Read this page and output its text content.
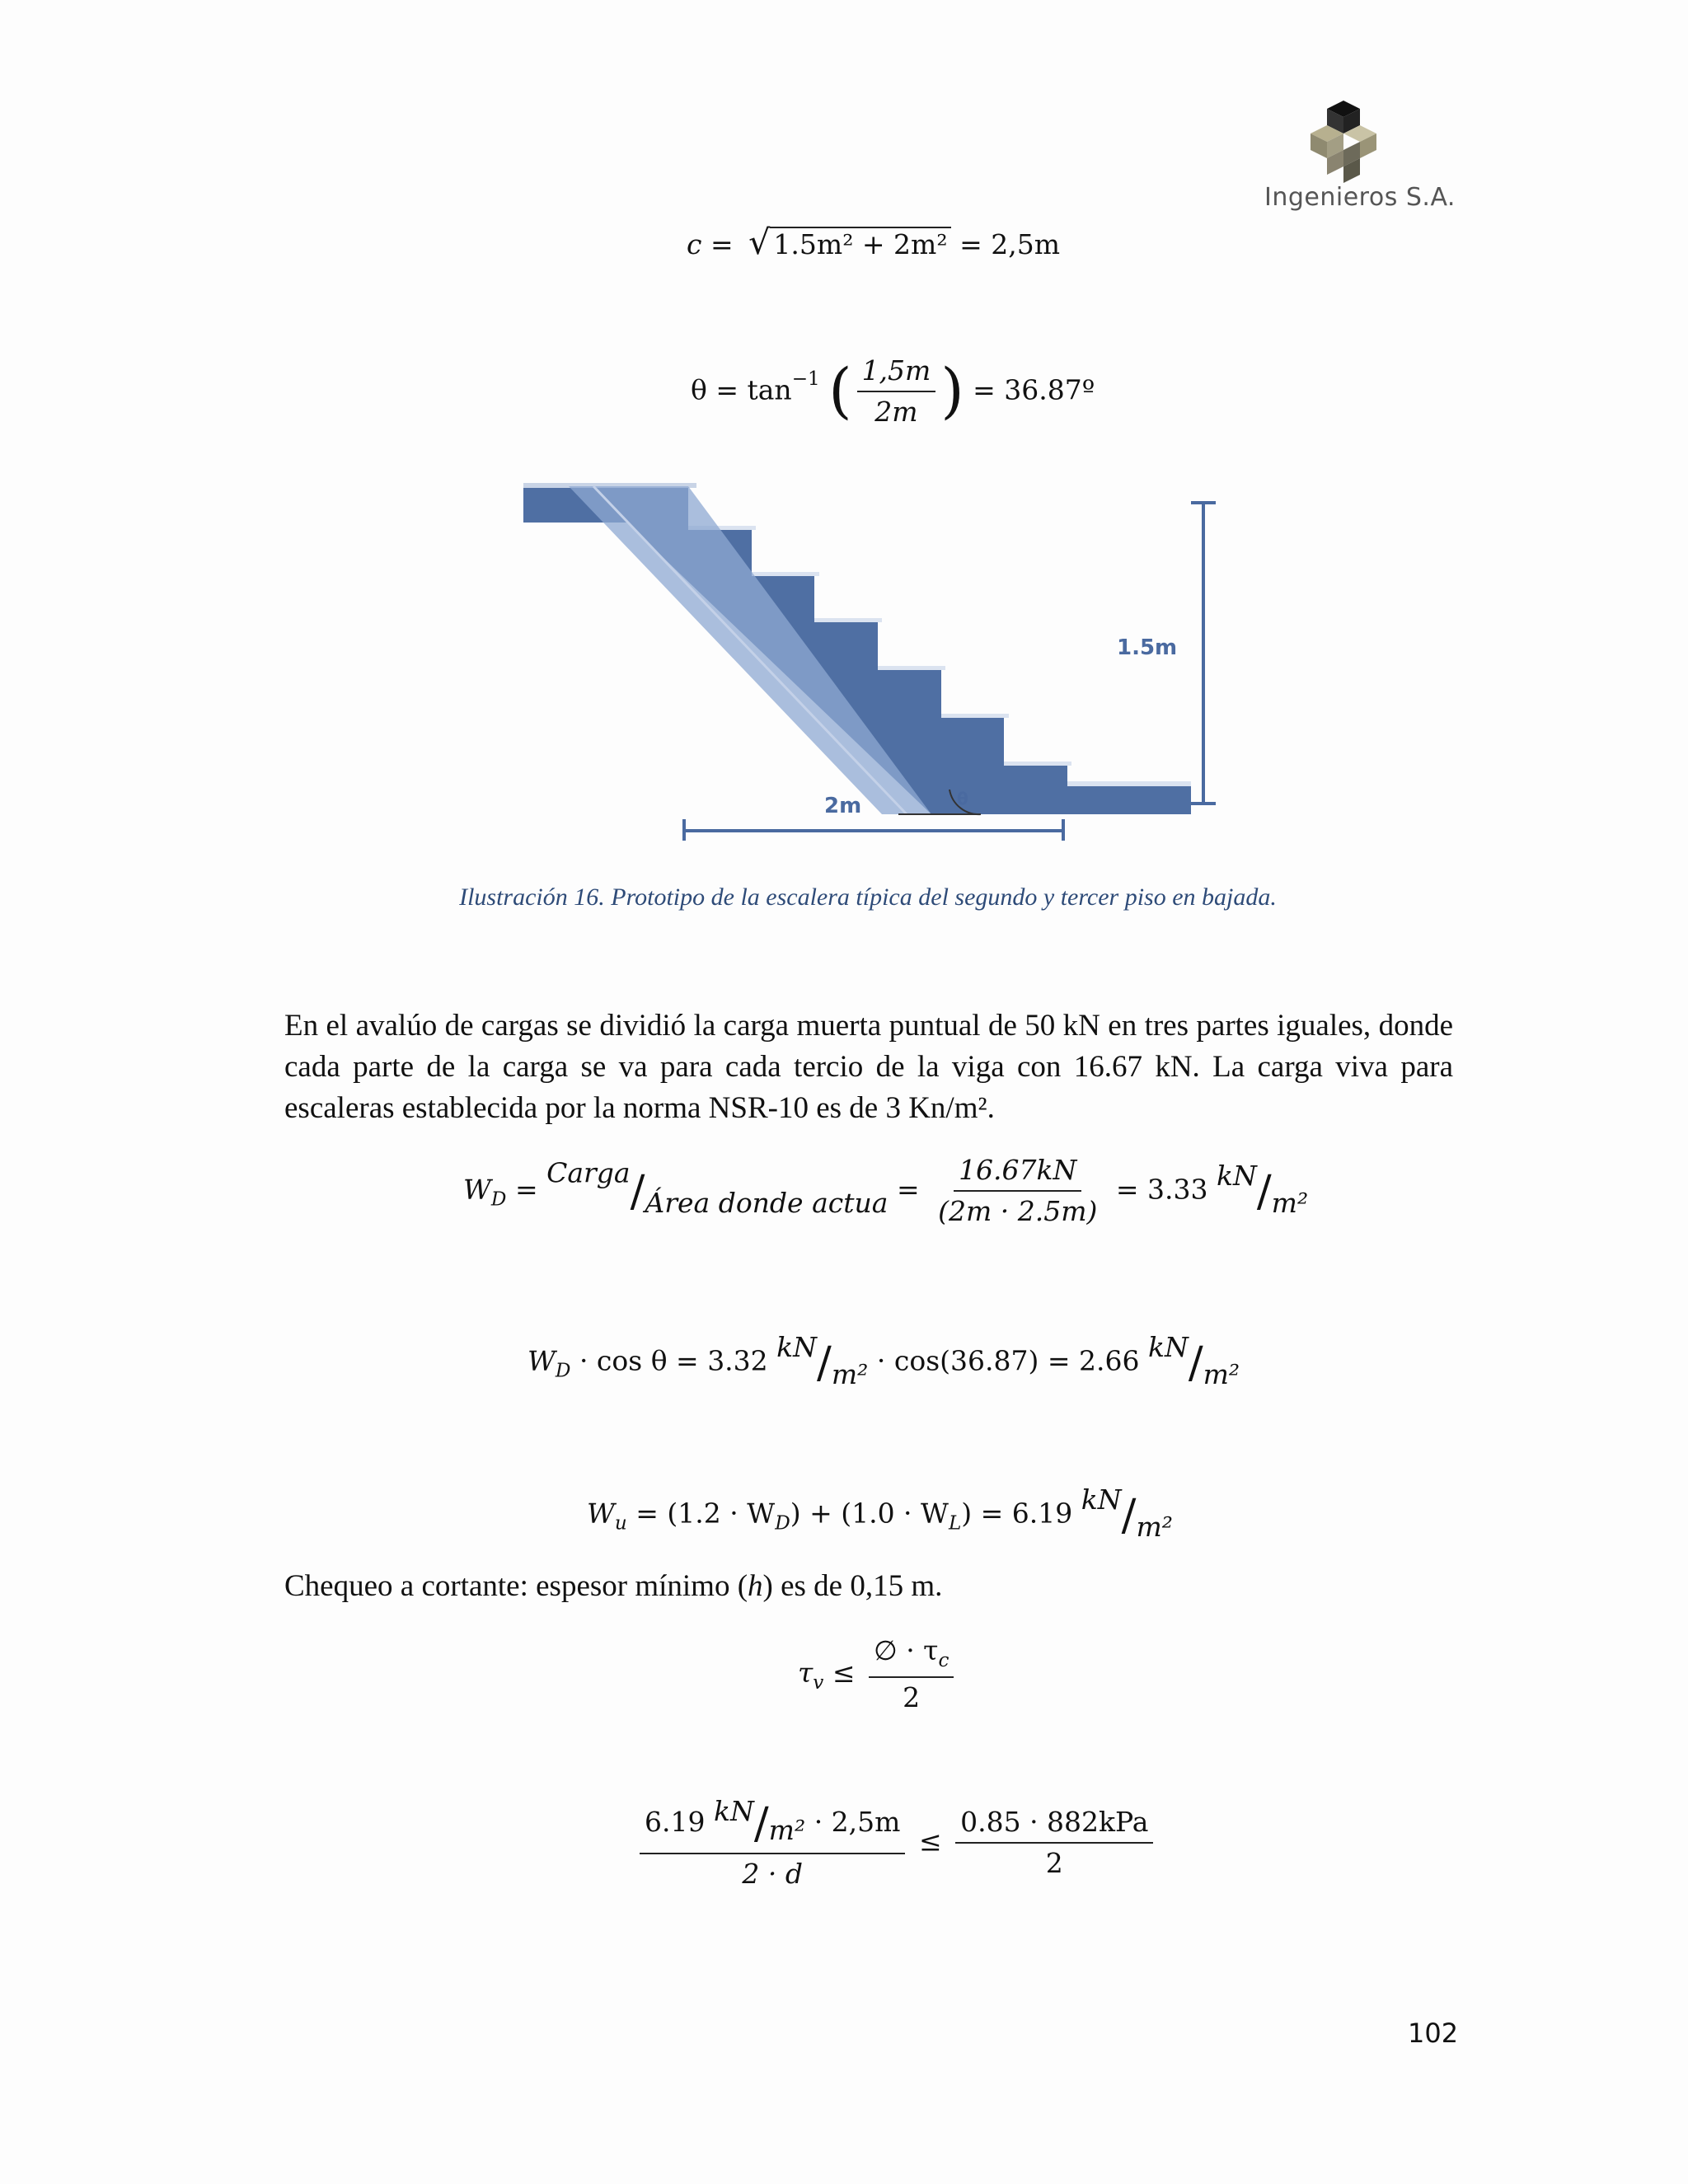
Ingenieros S.A.
c = √ 1.5m² + 2m² = 2,5m
$\theta = \tan^{-1}$ ( $\frac{1,5m}{2m}$ ) = 36.87º
1.5m
2m	θ
Ilustración 16. Prototipo de la escalera típica del segundo y tercer piso en bajada.
En el avalúo de cargas se dividió la carga muerta puntual de 50 kN en tres partes iguales, donde cada parte de la carga se va para cada tercio de la viga con 16.67 kN. La carga viva para escaleras establecida por la norma NSR-10 es de 3 Kn/m².
$W_D$ = Carga/Área donde actua = $\frac{16.67kN}{(2m \cdot 2.5m)} = 3.33$ kN/m²
$W_D \cdot \cos \theta = 3.32$ kN/m² · cos(36.87) = 2.66 kN/m²
$W_u = (1.2 \cdot W_D) + (1.0 \cdot W_L) = 6.19$ kN/m²
Chequeo a cortante: espesor mínimo (h) es de 0,15 m.
$\tau_v \le \frac{\emptyset \cdot \tau_c}{2}$
$\frac{\text{6.19 kN/m² · 2,5m}}{2 \cdot d} \le \frac{\text{0.85 · 882kPa}}{2}$
102
